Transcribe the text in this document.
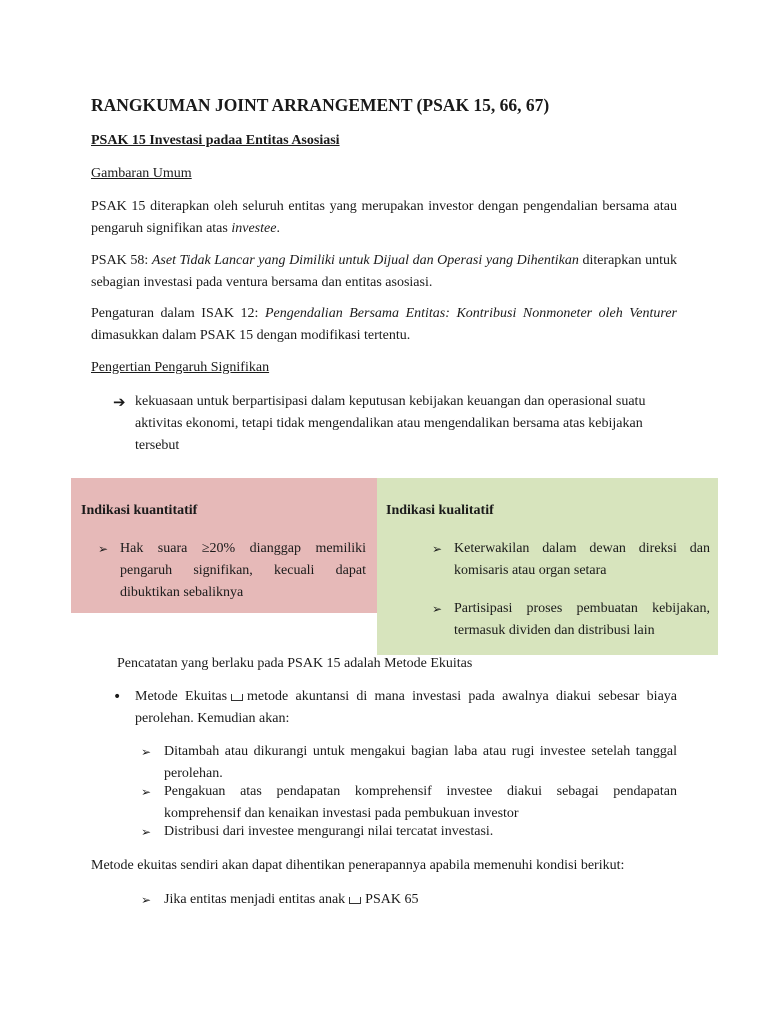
RANGKUMAN JOINT ARRANGEMENT (PSAK 15, 66, 67)
PSAK 15 Investasi padaa Entitas Asosiasi
Gambaran Umum
PSAK 15 diterapkan oleh seluruh entitas yang merupakan investor dengan pengendalian bersama atau pengaruh signifikan atas investee.
PSAK 58: Aset Tidak Lancar yang Dimiliki untuk Dijual dan Operasi yang Dihentikan diterapkan untuk sebagian investasi pada ventura bersama dan entitas asosiasi.
Pengaturan dalam ISAK 12: Pengendalian Bersama Entitas: Kontribusi Nonmoneter oleh Venturer dimasukkan dalam PSAK 15 dengan modifikasi tertentu.
Pengertian Pengaruh Signifikan
➔ kekuasaan untuk berpartisipasi dalam keputusan kebijakan keuangan dan operasional suatu aktivitas ekonomi, tetapi tidak mengendalikan atau mengendalikan bersama atas kebijakan tersebut
Indikasi kuantitatif
➢ Hak suara ≥20% dianggap memiliki pengaruh signifikan, kecuali dapat dibuktikan sebaliknya
Indikasi kualitatif
➢ Keterwakilan dalam dewan direksi dan komisaris atau organ setara
➢ Partisipasi proses pembuatan kebijakan, termasuk dividen dan distribusi lain
Pencatatan yang berlaku pada PSAK 15 adalah Metode Ekuitas
• Metode Ekuitas metode akuntansi di mana investasi pada awalnya diakui sebesar biaya perolehan. Kemudian akan:
➢ Ditambah atau dikurangi untuk mengakui bagian laba atau rugi investee setelah tanggal perolehan.
➢ Pengakuan atas pendapatan komprehensif investee diakui sebagai pendapatan komprehensif dan kenaikan investasi pada pembukuan investor
➢ Distribusi dari investee mengurangi nilai tercatat investasi.
Metode ekuitas sendiri akan dapat dihentikan penerapannya apabila memenuhi kondisi berikut:
➢ Jika entitas menjadi entitas anak PSAK 65
